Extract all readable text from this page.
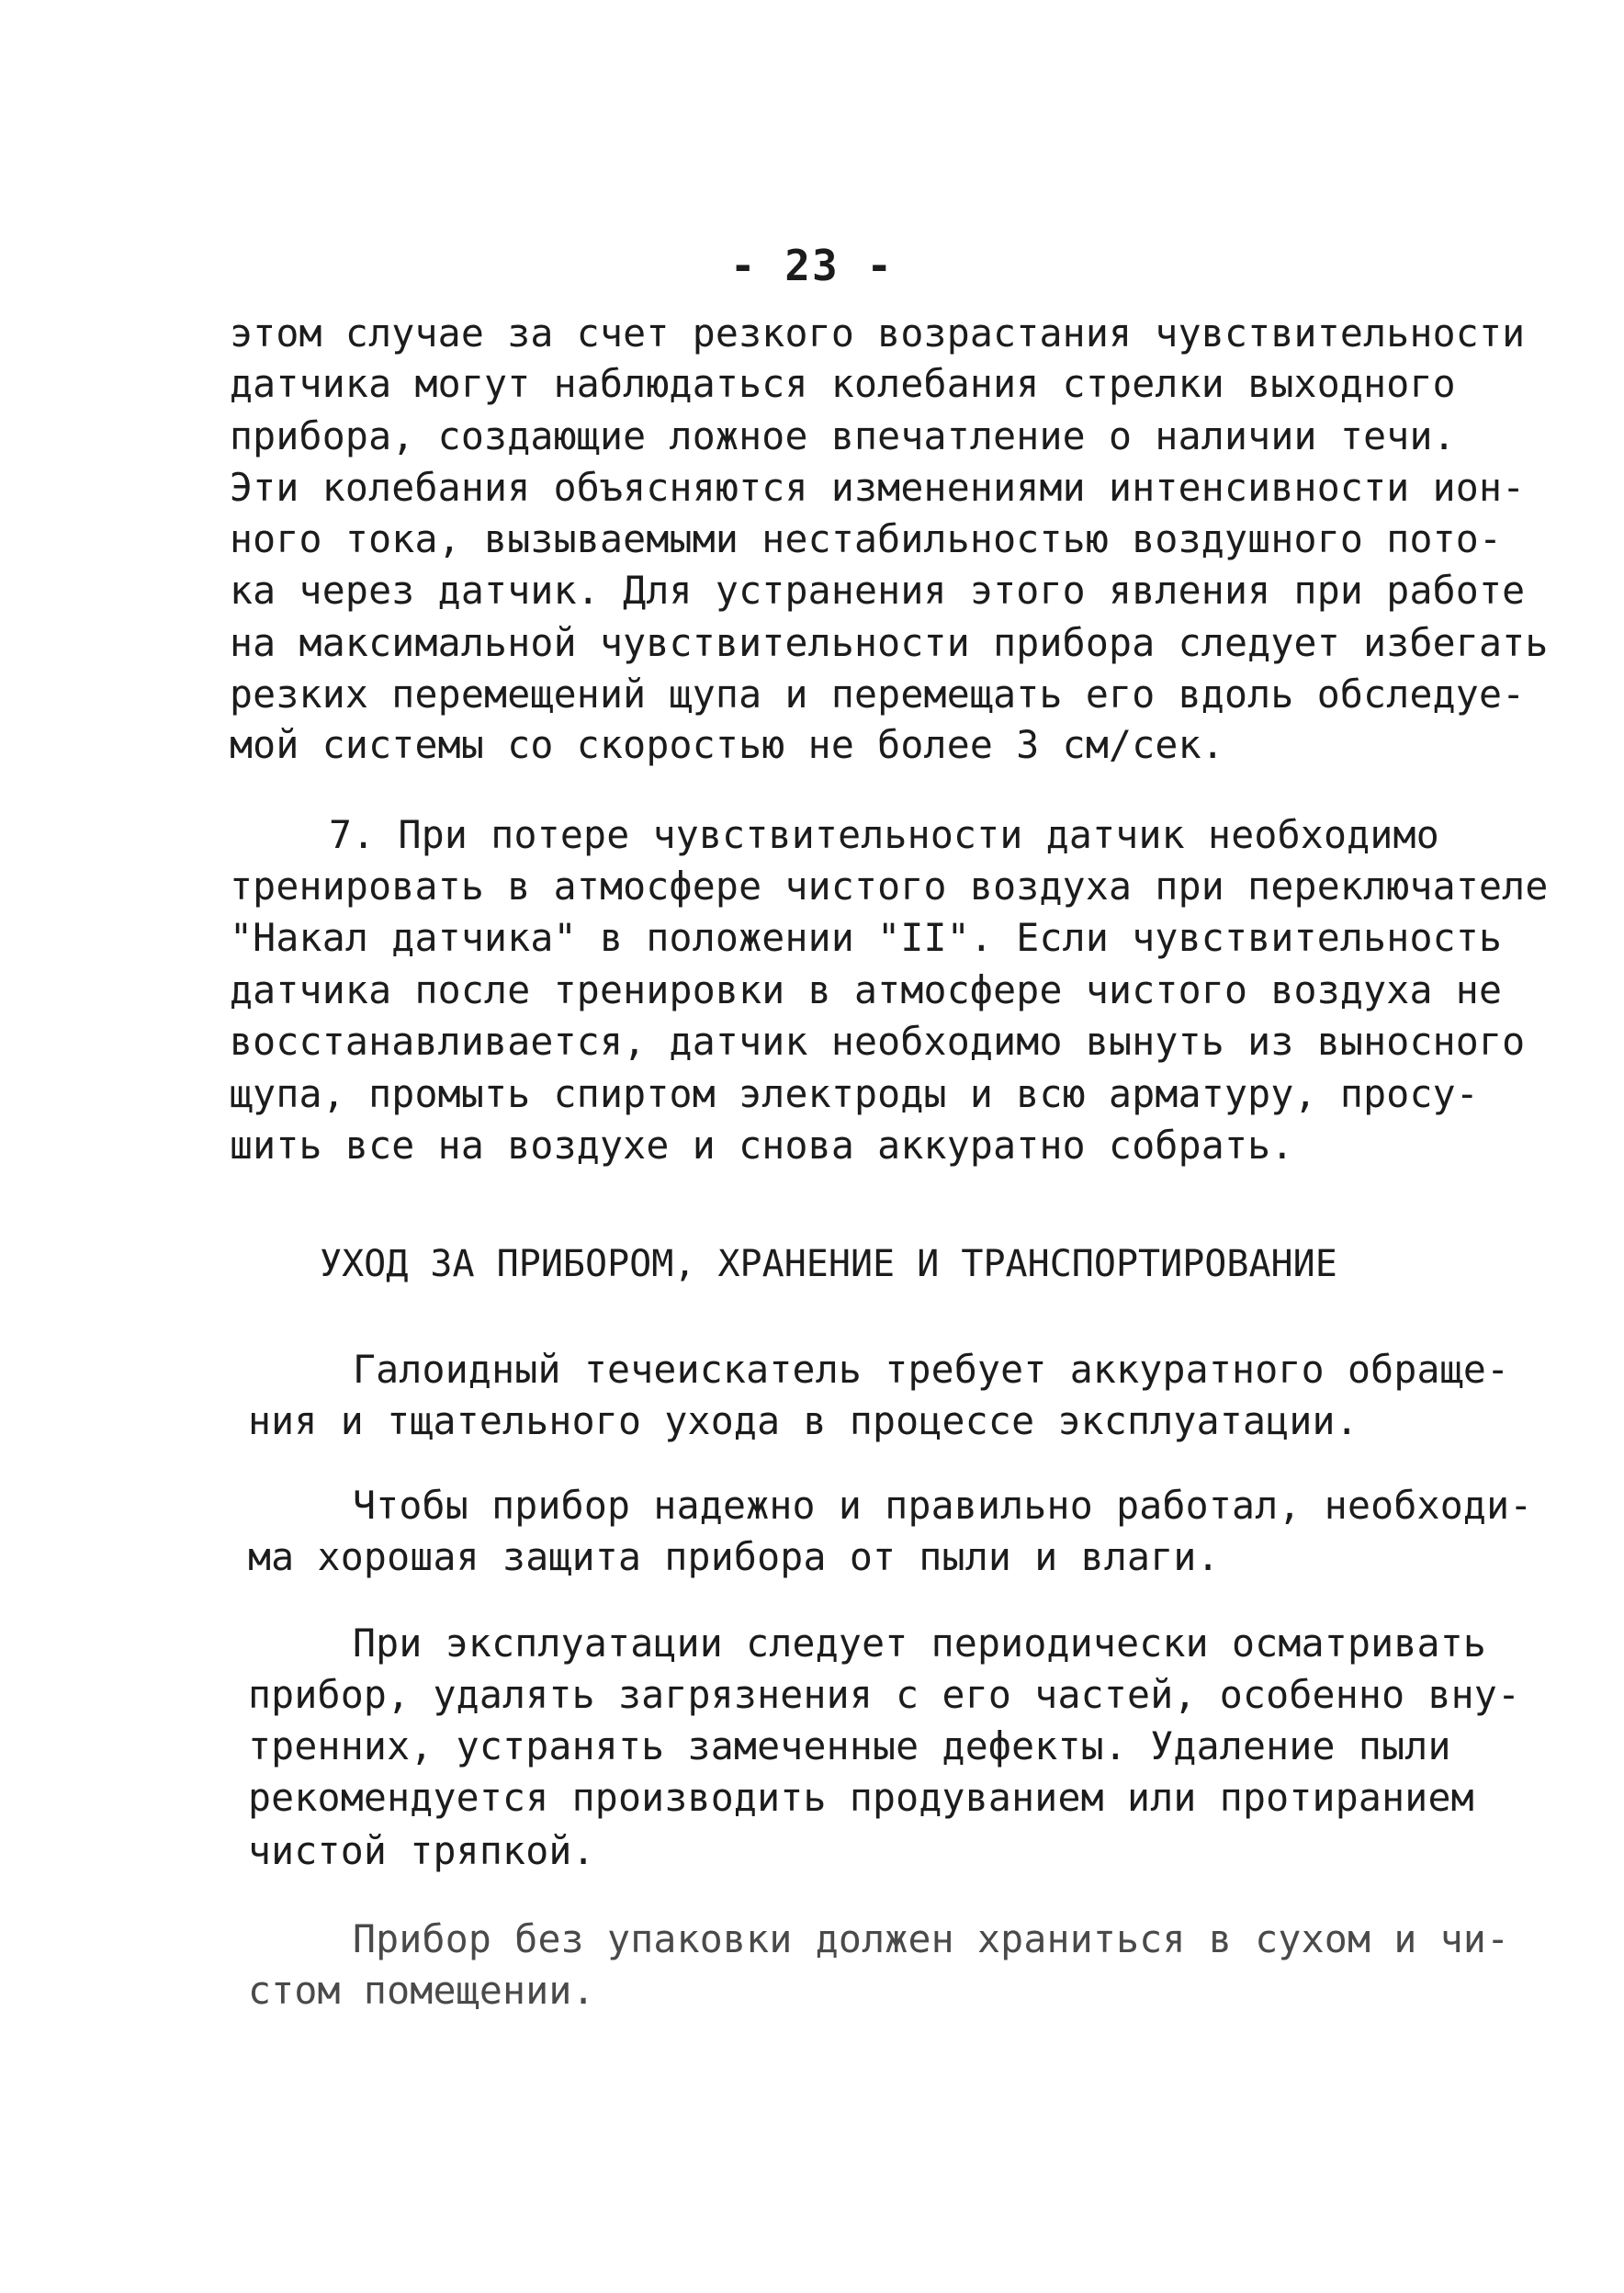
- 23 -
этом случае за счет резкого возрастания чувствительности
датчика могут наблюдаться колебания стрелки выходного
прибора, создающие ложное впечатление о наличии течи.
Эти колебания объясняются изменениями интенсивности ион-
ного тока, вызываемыми нестабильностью воздушного пото-
ка через датчик. Для устранения этого явления при работе
на максимальной чувствительности прибора следует избегать
резких перемещений щупа и перемещать его вдоль обследуе-
мой системы со скоростью не более 3 см/сек.
7. При потере чувствительности датчик необходимо
тренировать в атмосфере чистого воздуха при переключателе
"Накал датчика" в положении "II". Если чувствительность
датчика после тренировки в атмосфере чистого воздуха не
восстанавливается, датчик необходимо вынуть из выносного
щупа, промыть спиртом электроды и всю арматуру, просу-
шить все на воздухе и снова аккуратно собрать.
УХОД ЗА ПРИБОРОМ, ХРАНЕНИЕ И ТРАНСПОРТИРОВАНИЕ
Галоидный течеискатель требует аккуратного обраще-
ния и тщательного ухода в процессе эксплуатации.
Чтобы прибор надежно и правильно работал, необходи-
ма хорошая защита прибора от пыли и влаги.
При эксплуатации следует периодически осматривать
прибор, удалять загрязнения с его частей, особенно вну-
тренних, устранять замеченные дефекты. Удаление пыли
рекомендуется производить продуванием или протиранием
чистой тряпкой.
Прибор без упаковки должен храниться в сухом и чи-
стом помещении.
